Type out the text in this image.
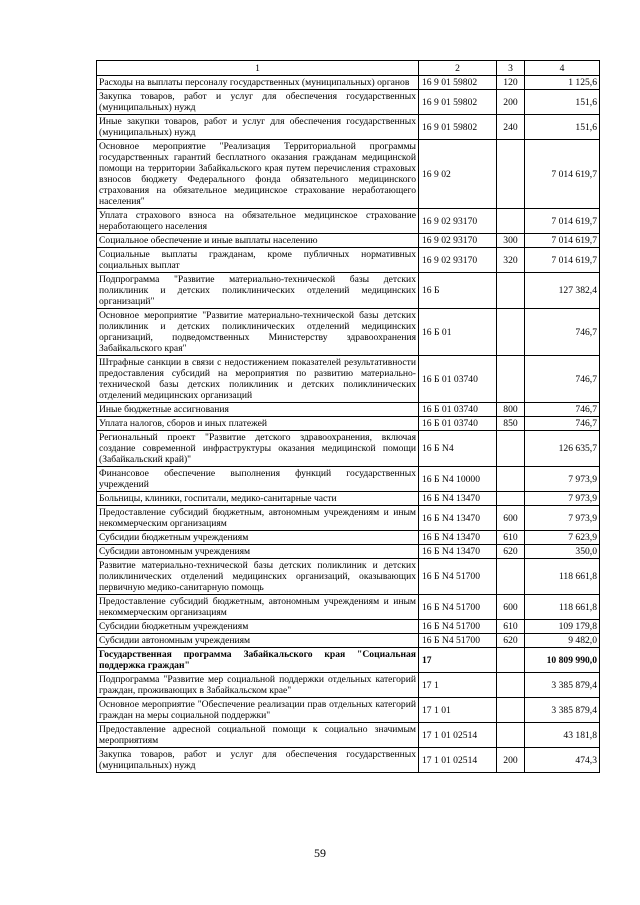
1	2	3	4
Расходы на выплаты персоналу государственных (муниципальных) органов	16 9 01 59802	120	1 125,6
Закупка товаров, работ и услуг для обеспечения государственных (муниципальных) нужд	16 9 01 59802	200	151,6
Иные закупки товаров, работ и услуг для обеспечения государственных (муниципальных) нужд	16 9 01 59802	240	151,6
Основное мероприятие "Реализация Территориальной программы государственных гарантий бесплатного оказания гражданам медицинской помощи на территории Забайкальского края путем перечисления страховых взносов бюджету Федерального фонда обязательного медицинского страхования на обязательное медицинское страхование неработающего населения"	16 9 02		7 014 619,7
Уплата страхового взноса на обязательное медицинское страхование неработающего населения	16 9 02 93170		7 014 619,7
Социальное обеспечение и иные выплаты населению	16 9 02 93170	300	7 014 619,7
Социальные выплаты гражданам, кроме публичных нормативных социальных выплат	16 9 02 93170	320	7 014 619,7
Подпрограмма "Развитие материально-технической базы детских поликлиник и детских поликлинических отделений медицинских организаций"	16 Б		127 382,4
Основное мероприятие "Развитие материально-технической базы детских поликлиник и детских поликлинических отделений медицинских организаций, подведомственных Министерству здравоохранения Забайкальского края"	16 Б 01		746,7
Штрафные санкции в связи с недостижением показателей результативности предоставления субсидий на мероприятия по развитию материально-технической базы детских поликлиник и детских поликлинических отделений медицинских организаций	16 Б 01 03740		746,7
Иные бюджетные ассигнования	16 Б 01 03740	800	746,7
Уплата налогов, сборов и иных платежей	16 Б 01 03740	850	746,7
Региональный проект "Развитие детского здравоохранения, включая создание современной инфраструктуры оказания медицинской помощи (Забайкальский край)"	16 Б N4		126 635,7
Финансовое обеспечение выполнения функций государственных учреждений	16 Б N4 10000		7 973,9
Больницы, клиники, госпитали, медико-санитарные части	16 Б N4 13470		7 973,9
Предоставление субсидий бюджетным, автономным учреждениям и иным некоммерческим организациям	16 Б N4 13470	600	7 973,9
Субсидии бюджетным учреждениям	16 Б N4 13470	610	7 623,9
Субсидии автономным учреждениям	16 Б N4 13470	620	350,0
Развитие материально-технической базы детских поликлиник и детских поликлинических отделений медицинских организаций, оказывающих первичную медико-санитарную помощь	16 Б N4 51700		118 661,8
Предоставление субсидий бюджетным, автономным учреждениям и иным некоммерческим организациям	16 Б N4 51700	600	118 661,8
Субсидии бюджетным учреждениям	16 Б N4 51700	610	109 179,8
Субсидии автономным учреждениям	16 Б N4 51700	620	9 482,0
Государственная программа Забайкальского края "Социальная поддержка граждан"	17		10 809 990,0
Подпрограмма "Развитие мер социальной поддержки отдельных категорий граждан, проживающих в Забайкальском крае"	17 1		3 385 879,4
Основное мероприятие "Обеспечение реализации прав отдельных категорий граждан на меры социальной поддержки"	17 1 01		3 385 879,4
Предоставление адресной социальной помощи к социально значимым мероприятиям	17 1 01 02514		43 181,8
Закупка товаров, работ и услуг для обеспечения государственных (муниципальных) нужд	17 1 01 02514	200	474,3
59
